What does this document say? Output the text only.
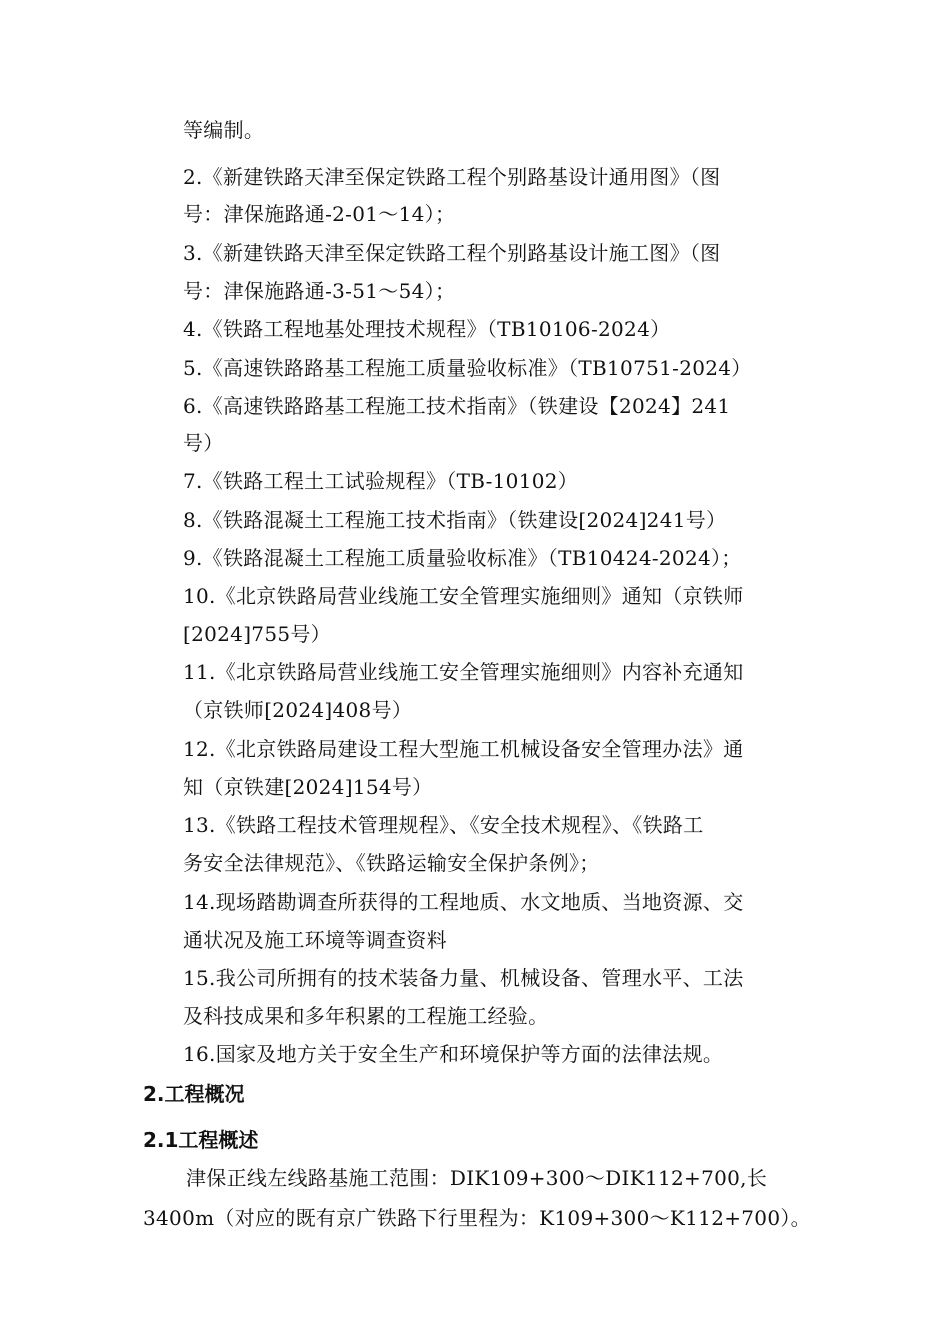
等编制。
2.《新建铁路天津至保定铁路工程个别路基设计通用图》（图
号：津保施路通-2-01～14）；
3.《新建铁路天津至保定铁路工程个别路基设计施工图》（图
号：津保施路通-3-51～54）；
4.《铁路工程地基处理技术规程》（TB10106-2024）
5.《高速铁路路基工程施工质量验收标准》（TB10751-2024）
6.《高速铁路路基工程施工技术指南》（铁建设【2024】241
号）
7.《铁路工程土工试验规程》（TB-10102）
8.《铁路混凝土工程施工技术指南》（铁建设[2024]241号）
9.《铁路混凝土工程施工质量验收标准》（TB10424-2024）；
10.《北京铁路局营业线施工安全管理实施细则》通知（京铁师
[2024]755号）
11.《北京铁路局营业线施工安全管理实施细则》内容补充通知
（京铁师[2024]408号）
12.《北京铁路局建设工程大型施工机械设备安全管理办法》通
知（京铁建[2024]154号）
13.《铁路工程技术管理规程》、《安全技术规程》、《铁路工
务安全法律规范》、《铁路运输安全保护条例》；
14.现场踏勘调查所获得的工程地质、水文地质、当地资源、交
通状况及施工环境等调查资料
15.我公司所拥有的技术装备力量、机械设备、管理水平、工法
及科技成果和多年积累的工程施工经验。
16.国家及地方关于安全生产和环境保护等方面的法律法规。
2.工程概况
2.1工程概述
津保正线左线路基施工范围：DIK109+300～DIK112+700,长
3400m（对应的既有京广铁路下行里程为：K109+300～K112+700）。
